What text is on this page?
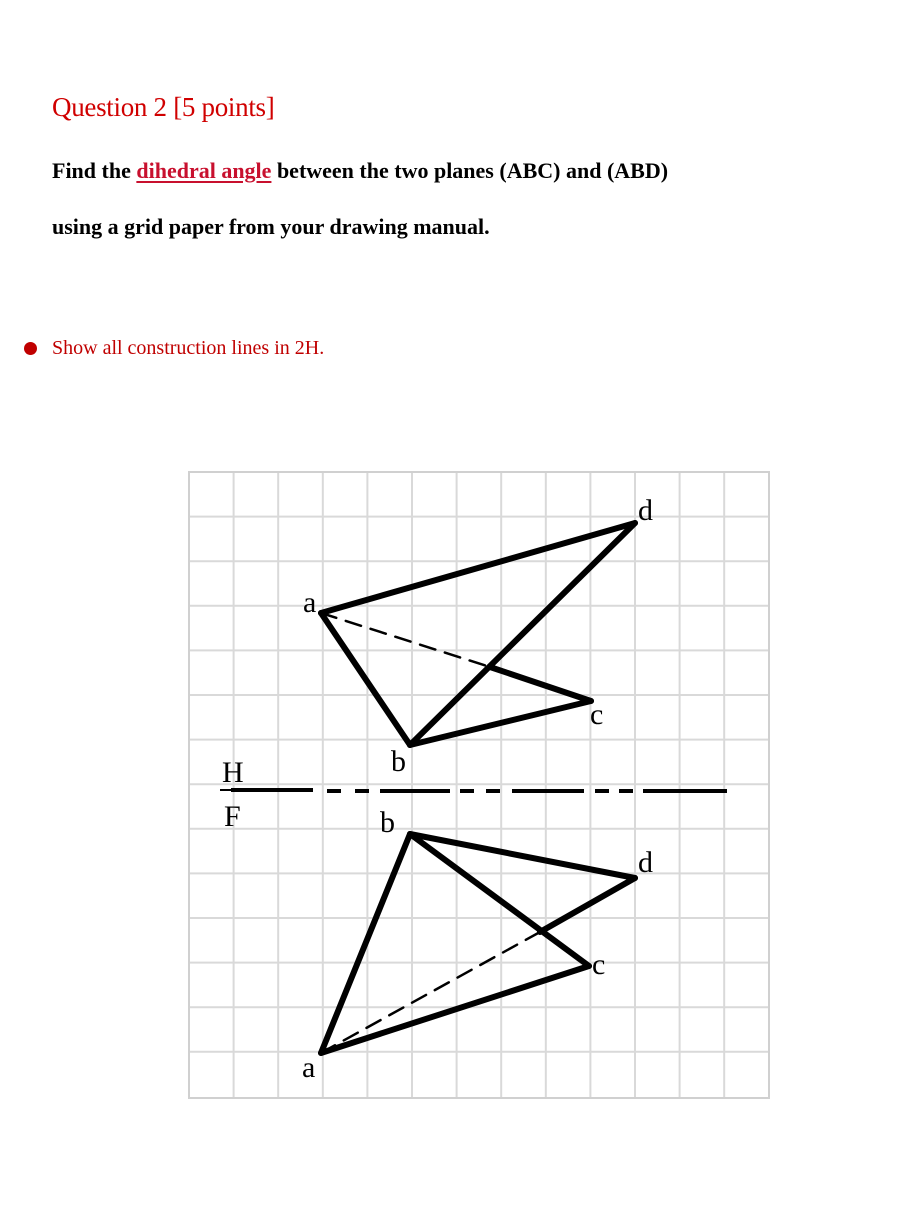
Question 2 [5 points]
Find the dihedral angle between the two planes (ABC) and (ABD)
using a grid paper from your drawing manual.
Show all construction lines in 2H.
H
F
a
b
c
d
a
b
c
d
